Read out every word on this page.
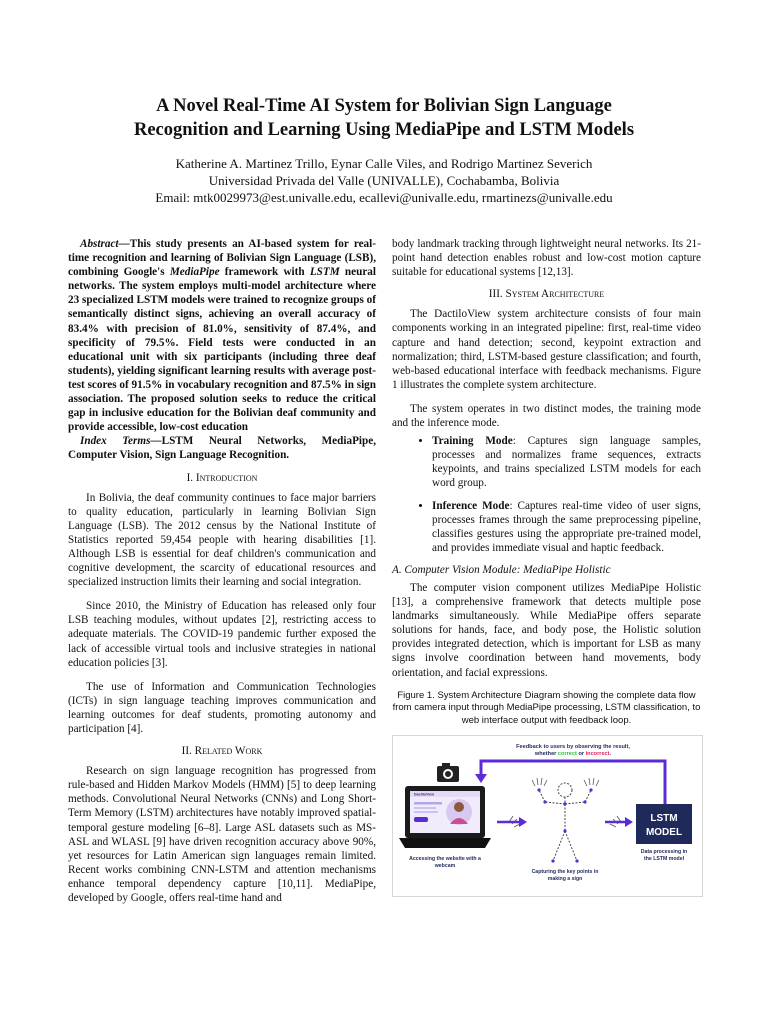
A Novel Real-Time AI System for Bolivian Sign Language
Recognition and Learning Using MediaPipe and LSTM Models
Katherine A. Martinez Trillo, Eynar Calle Viles, and Rodrigo Martinez Severich
Universidad Privada del Valle (UNIVALLE), Cochabamba, Bolivia
Email: mtk0029973@est.univalle.edu, ecallevi@univalle.edu, rmartinezs@univalle.edu

Abstract—This study presents an AI-based system for real-time recognition and learning of Bolivian Sign Language (LSB), combining Google's MediaPipe framework with LSTM neural networks. The system employs multi-model architecture where 23 specialized LSTM models were trained to recognize groups of semantically distinct signs, achieving an overall accuracy of 83.4% with precision of 81.0%, sensitivity of 87.4%, and specificity of 79.5%. Field tests were conducted in an educational unit with six participants (including three deaf students), yielding significant learning results with average post-test scores of 91.5% in vocabulary recognition and 87.5% in sign association. The proposed solution seeks to reduce the critical gap in inclusive education for the Bolivian deaf community and provide accessible, low-cost education

Index Terms—LSTM Neural Networks, MediaPipe, Computer Vision, Sign Language Recognition.

I. Introduction

In Bolivia, the deaf community continues to face major barriers to quality education, particularly in learning Bolivian Sign Language (LSB). The 2012 census by the National Institute of Statistics reported 59,454 people with hearing disabilities [1]. Although LSB is essential for deaf children's communication and cognitive development, the scarcity of educational resources and specialized instruction limits their learning and social integration.

Since 2010, the Ministry of Education has released only four LSB teaching modules, without updates [2], restricting access to adequate materials. The COVID-19 pandemic further exposed the lack of accessible virtual tools and inclusive strategies in national education policies [3].

The use of Information and Communication Technologies (ICTs) in sign language teaching improves communication and learning outcomes for deaf students, promoting autonomy and participation [4].

II. Related Work

Research on sign language recognition has progressed from rule-based and Hidden Markov Models (HMM) [5] to deep learning methods. Convolutional Neural Networks (CNNs) and Long Short-Term Memory (LSTM) architectures have notably improved spatial-temporal gesture modeling [6–8]. Large ASL datasets such as MS-ASL and WLASL [9] have driven recognition accuracy above 90%, yet resources for Latin American sign languages remain limited. Recent works combining CNN-LSTM and attention mechanisms enhance temporal dependency capture [10,11]. MediaPipe, developed by Google, offers real-time hand and

body landmark tracking through lightweight neural networks. Its 21-point hand detection enables robust and low-cost motion capture suitable for educational systems [12,13].

III. System Architecture

The DactiloView system architecture consists of four main components working in an integrated pipeline: first, real-time video capture and hand detection; second, keypoint extraction and normalization; third, LSTM-based gesture classification; and fourth, web-based educational interface with feedback mechanisms. Figure 1 illustrates the complete system architecture.

The system operates in two distinct modes, the training mode and the inference mode.

• Training Mode: Captures sign language samples, processes and normalizes frame sequences, extracts keypoints, and trains specialized LSTM models for each word group.
• Inference Mode: Captures real-time video of user signs, processes frames through the same preprocessing pipeline, classifies gestures using the appropriate pre-trained model, and provides immediate visual and haptic feedback.
A. Computer Vision Module: MediaPipe Holistic

The computer vision component utilizes MediaPipe Holistic [13], a comprehensive framework that detects multiple pose landmarks simultaneously. While MediaPipe offers separate solutions for hands, face, and body pose, the Holistic solution provides integrated detection, which is important for LSB as many signs involve coordination between hand movements, body orientation, and facial expressions.

Figure 1. System Architecture Diagram showing the complete data flow from camera input through MediaPipe processing, LSTM classification, to web interface output with feedback loop.
Feedback to users by observing the result,
whether correct or incorrect.
DactiloView
LSTM
MODEL
Accessing the website with a
webcam
Capturing the key points in
making a sign
Data processing in
the LSTM model
